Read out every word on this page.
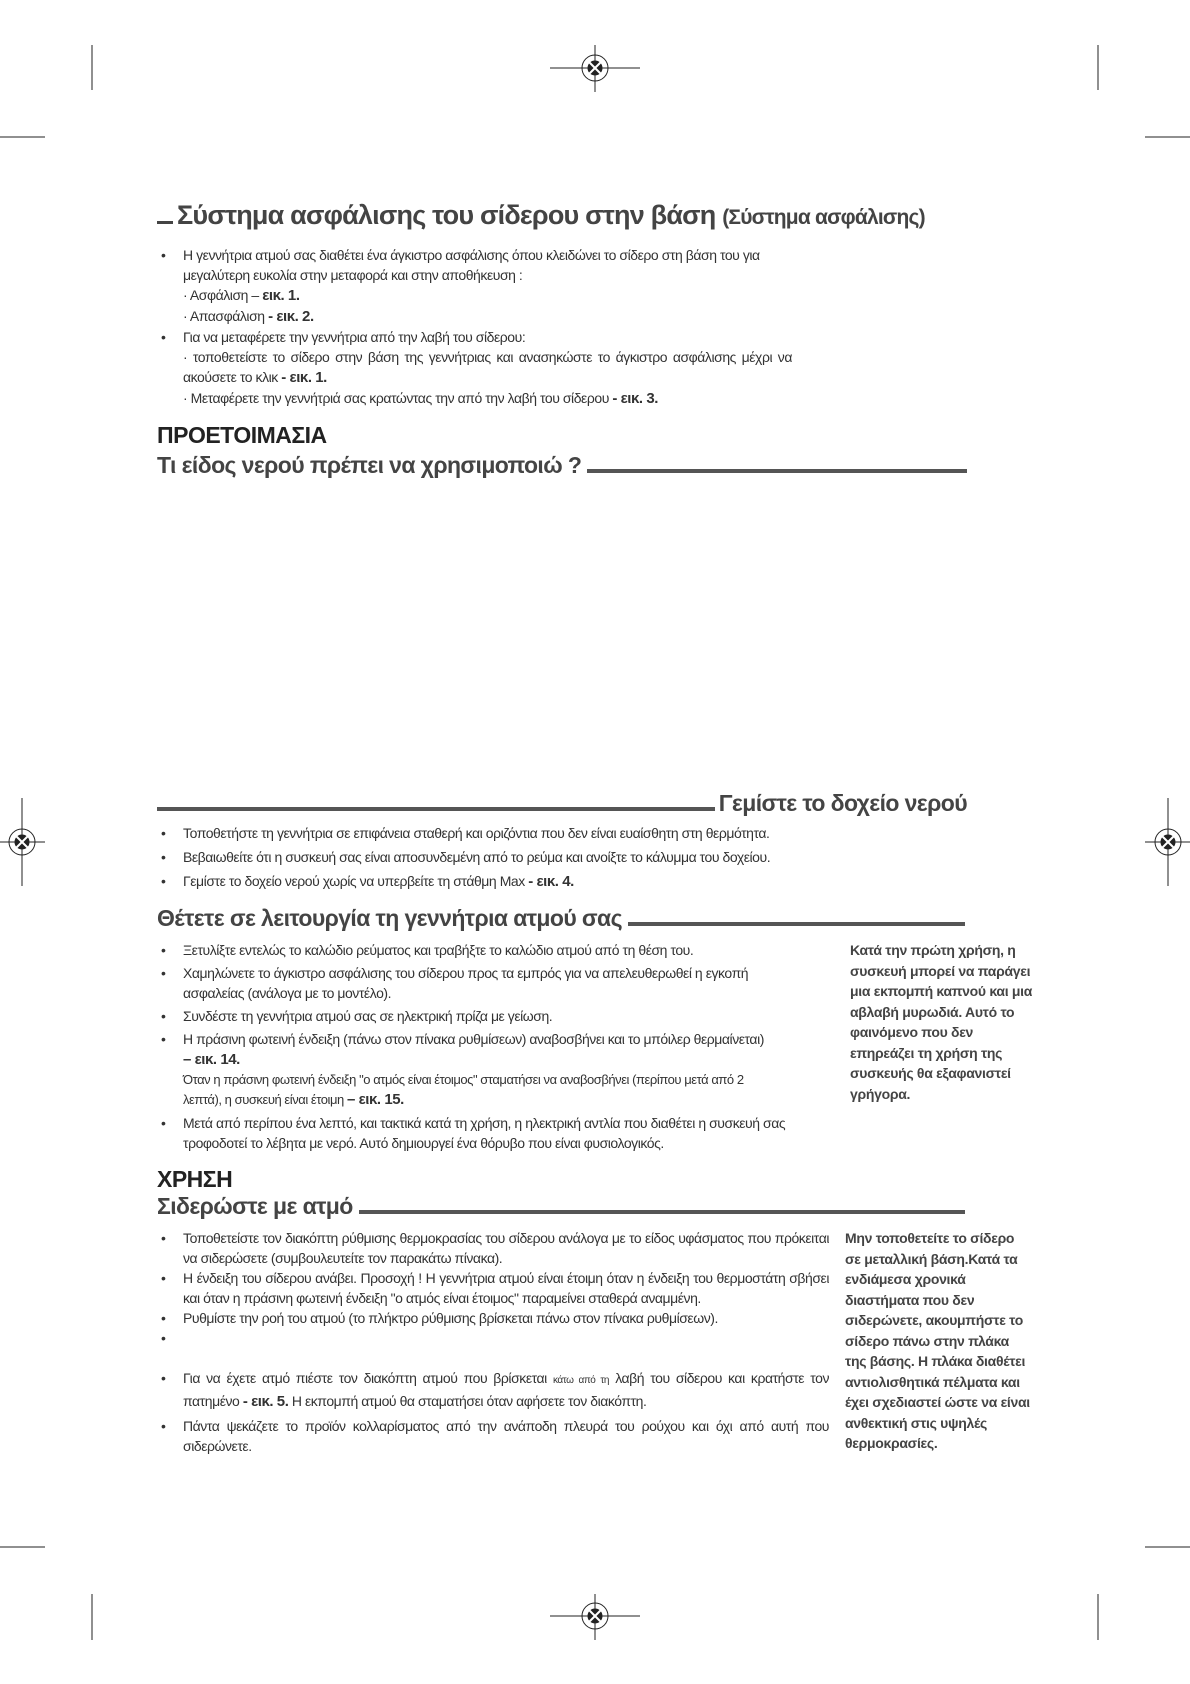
Σύστημα ασφάλισης του σίδερου στην βάση (Σύστημα ασφάλισης)
• Η γεννήτρια ατμού σας διαθέτει ένα άγκιστρο ασφάλισης όπου κλειδώνει το σίδερο στη βάση του για μεγαλύτερη ευκολία στην μεταφορά και στην αποθήκευση :
· Ασφάλιση – εικ. 1.
· Απασφάλιση - εικ. 2.
• Για να μεταφέρετε την γεννήτρια από την λαβή του σίδερου:
· τοποθετείστε το σίδερο στην βάση της γεννήτριας και ανασηκώστε το άγκιστρο ασφάλισης μέχρι να ακούσετε το κλικ - εικ. 1.
· Μεταφέρετε την γεννήτριά σας κρατώντας την από την λαβή του σίδερου - εικ. 3.
ΠΡΟΕΤΟΙΜΑΣΙΑ
Τι είδος νερού πρέπει να χρησιμοποιώ ?
Γεμίστε το δοχείο νερού
• Τοποθετήστε τη γεννήτρια σε επιφάνεια σταθερή και οριζόντια που δεν είναι ευαίσθητη στη θερμότητα.
• Βεβαιωθείτε ότι η συσκευή σας είναι αποσυνδεμένη από το ρεύμα και ανοίξτε το κάλυμμα του δοχείου.
• Γεμίστε το δοχείο νερού χωρίς να υπερβείτε τη στάθμη Max - εικ. 4.
Θέτετε σε λειτουργία τη γεννήτρια ατμού σας
• Ξετυλίξτε εντελώς το καλώδιο ρεύματος και τραβήξτε το καλώδιο ατμού από τη θέση του.
• Χαμηλώνετε το άγκιστρο ασφάλισης του σίδερου προς τα εμπρός για να απελευθερωθεί η εγκοπή ασφαλείας (ανάλογα με το μοντέλο).
• Συνδέστε τη γεννήτρια ατμού σας σε ηλεκτρική πρίζα με γείωση.
• Η πράσινη φωτεινή ένδειξη (πάνω στον πίνακα ρυθμίσεων) αναβοσβήνει και το μπόιλερ θερμαίνεται) – εικ. 14.
Όταν η πράσινη φωτεινή ένδειξη "ο ατμός είναι έτοιμος" σταματήσει να αναβοσβήνει (περίπου μετά από 2 λεπτά), η συσκευή είναι έτοιμη – εικ. 15.
• Μετά από περίπου ένα λεπτό, και τακτικά κατά τη χρήση, η ηλεκτρική αντλία που διαθέτει η συσκευή σας τροφοδοτεί το λέβητα με νερό. Αυτό δημιουργεί ένα θόρυβο που είναι φυσιολογικός.
Κατά την πρώτη χρήση, η συσκευή μπορεί να παράγει μια εκπομπή καπνού και μια αβλαβή μυρωδιά. Αυτό το φαινόμενο που δεν επηρεάζει τη χρήση της συσκευής θα εξαφανιστεί γρήγορα.
ΧΡΗΣΗ
Σιδερώστε με ατμό
• Τοποθετείστε τον διακόπτη ρύθμισης θερμοκρασίας του σίδερου ανάλογα με το είδος υφάσματος που πρόκειται να σιδερώσετε (συμβουλευτείτε τον παρακάτω πίνακα).
• Η ένδειξη του σίδερου ανάβει. Προσοχή ! Η γεννήτρια ατμού είναι έτοιμη όταν η ένδειξη του θερμοστάτη σβήσει και όταν η πράσινη φωτεινή ένδειξη "ο ατμός είναι έτοιμος" παραμείνει σταθερά αναμμένη.
• Ρυθμίστε την ροή του ατμού (το πλήκτρο ρύθμισης βρίσκεται πάνω στον πίνακα ρυθμίσεων).
•
• Για να έχετε ατμό πιέστε τον διακόπτη ατμού που βρίσκεται κάτω από τη λαβή του σίδερου και κρατήστε τον πατημένο - εικ. 5. Η εκπομπή ατμού θα σταματήσει όταν αφήσετε τον διακόπτη.
• Πάντα ψεκάζετε το προϊόν κολλαρίσματος από την ανάποδη πλευρά του ρούχου και όχι από αυτή που σιδερώνετε.
Μην τοποθετείτε το σίδερο σε μεταλλική βάση.Κατά τα ενδιάμεσα χρονικά διαστήματα που δεν σιδερώνετε, ακουμπήστε το σίδερο πάνω στην πλάκα της βάσης. Η πλάκα διαθέτει αντιολισθητικά πέλματα και έχει σχεδιαστεί ώστε να είναι ανθεκτική στις υψηλές θερμοκρασίες.
